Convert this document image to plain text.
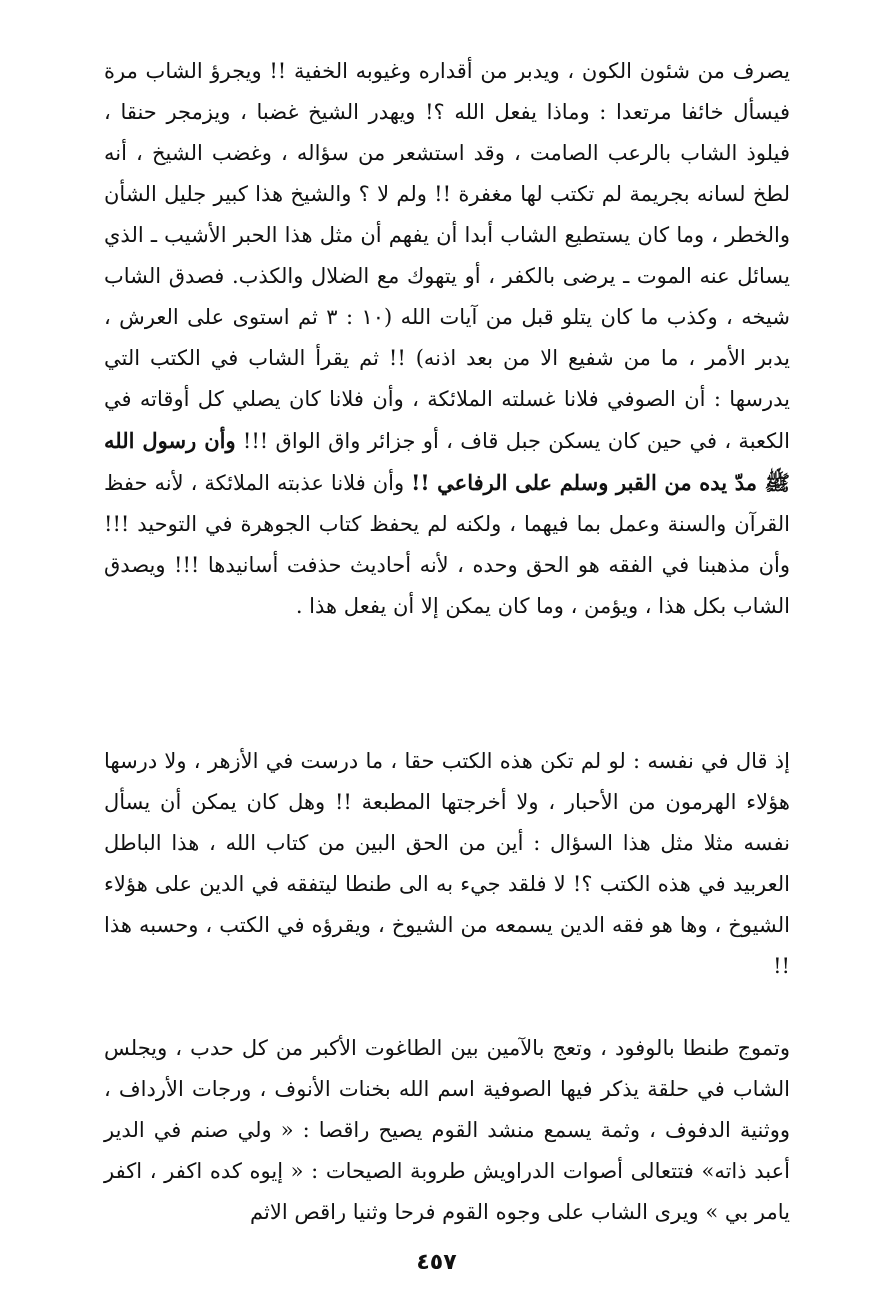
يصرف من شئون الكون ، ويدبر من أقداره وغيوبه الخفية !! ويجرؤ الشاب مرة فيسأل خائفا مرتعدا : وماذا يفعل الله ؟! ويهدر الشيخ غضبا ، ويزمجر حنقا ، فيلوذ الشاب بالرعب الصامت ، وقد استشعر من سؤاله ، وغضب الشيخ ، أنه لطخ لسانه بجريمة لم تكتب لها مغفرة !! ولم لا ؟ والشيخ هذا كبير جليل الشأن والخطر ، وما كان يستطيع الشاب أبدا أن يفهم أن مثل هذا الحبر الأشيب ـ الذي يسائل عنه الموت ـ يرضى بالكفر ، أو يتهوك مع الضلال والكذب. فصدق الشاب شيخه ، وكذب ما كان يتلو قبل من آيات الله (١٠ : ٣ ثم استوى على العرش ، يدبر الأمر ، ما من شفيع الا من بعد اذنه) !! ثم يقرأ الشاب في الكتب التي يدرسها : أن الصوفي فلانا غسلته الملائكة ، وأن فلانا كان يصلي كل أوقاته في الكعبة ، في حين كان يسكن جبل قاف ، أو جزائر واق الواق !!! وأن رسول الله ﷺ مدّ يده من القبر وسلم على الرفاعي !! وأن فلانا عذبته الملائكة ، لأنه حفظ القرآن والسنة وعمل بما فيهما ، ولكنه لم يحفظ كتاب الجوهرة في التوحيد !!! وأن مذهبنا في الفقه هو الحق وحده ، لأنه أحاديث حذفت أسانيدها !!! ويصدق الشاب بكل هذا ، ويؤمن ، وما كان يمكن إلا أن يفعل هذا .

إذ قال في نفسه : لو لم تكن هذه الكتب حقا ، ما درست في الأزهر ، ولا درسها هؤلاء الهرمون من الأحبار ، ولا أخرجتها المطبعة !! وهل كان يمكن أن يسأل نفسه مثلا مثل هذا السؤال : أين من الحق البين من كتاب الله ، هذا الباطل العربيد في هذه الكتب ؟! لا فلقد جيء به الى طنطا ليتفقه في الدين على هؤلاء الشيوخ ، وها هو فقه الدين يسمعه من الشيوخ ، ويقرؤه في الكتب ، وحسبه هذا !!

وتموج طنطا بالوفود ، وتعج بالآمين بين الطاغوت الأكبر من كل حدب ، ويجلس الشاب في حلقة يذكر فيها الصوفية اسم الله بخنات الأنوف ، ورجات الأرداف ، ووثنية الدفوف ، وثمة يسمع منشد القوم يصيح راقصا : « ولي صنم في الدير أعبد ذاته» فتتعالى أصوات الدراويش طروبة الصيحات : « إيوه كده اكفر ، اكفر يامر بي » ويرى الشاب على وجوه القوم فرحا وثنيا راقص الاثم

٤٥٧
